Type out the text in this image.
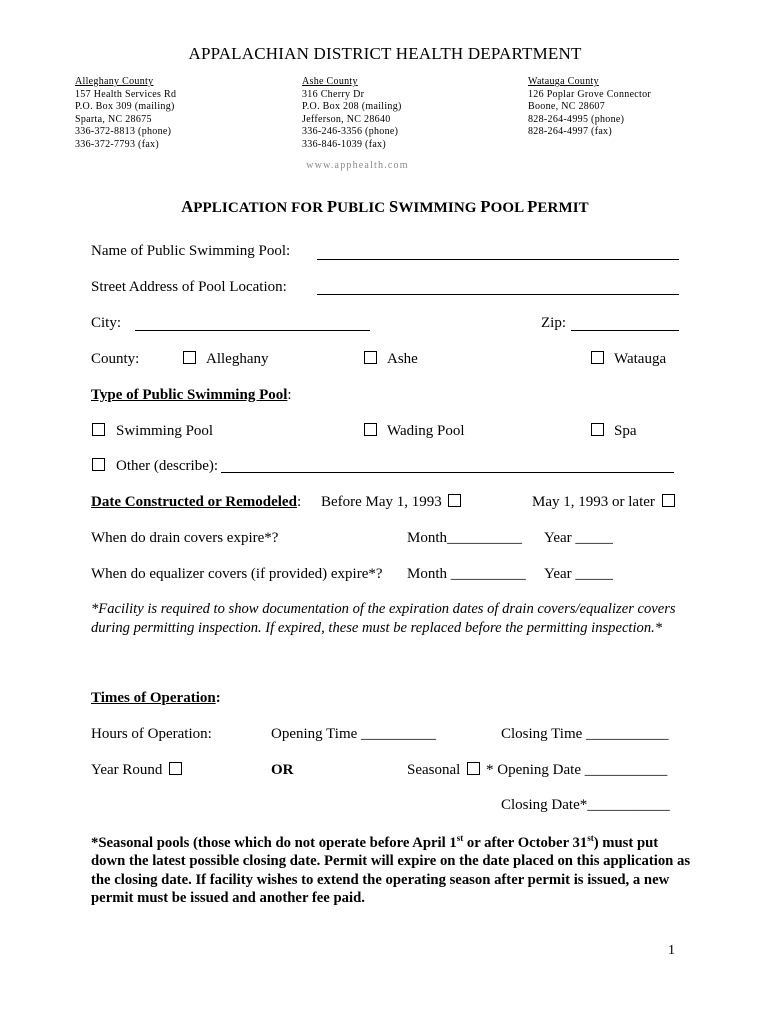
APPALACHIAN DISTRICT HEALTH DEPARTMENT
Alleghany County
157 Health Services Rd
P.O. Box 309 (mailing)
Sparta, NC 28675
336-372-8813 (phone)
336-372-7793 (fax)
Ashe County
316 Cherry Dr
P.O. Box 208 (mailing)
Jefferson, NC 28640
336-246-3356 (phone)
336-846-1039 (fax)
Watauga County
126 Poplar Grove Connector
Boone, NC 28607
828-264-4995 (phone)
828-264-4997 (fax)
www.apphealth.com
APPLICATION FOR PUBLIC SWIMMING POOL PERMIT
Name of Public Swimming Pool:
Street Address of Pool Location:
City:	Zip:
County:	Alleghany	Ashe	Watauga
Type of Public Swimming Pool:
Swimming Pool	Wading Pool	Spa
Other (describe):
Date Constructed or Remodeled: Before May 1, 1993	May 1, 1993 or later
When do drain covers expire*?	Month__________ Year _____
When do equalizer covers (if provided) expire*? Month __________ Year _____
*Facility is required to show documentation of the expiration dates of drain covers/equalizer covers during permitting inspection. If expired, these must be replaced before the permitting inspection.*
Times of Operation:
Hours of Operation:	Opening Time __________	Closing Time ___________
Year Round	OR	Seasonal * Opening Date ___________
Closing Date*___________
*Seasonal pools (those which do not operate before April 1st or after October 31st) must put down the latest possible closing date. Permit will expire on the date placed on this application as the closing date. If facility wishes to extend the operating season after permit is issued, a new permit must be issued and another fee paid.
1
